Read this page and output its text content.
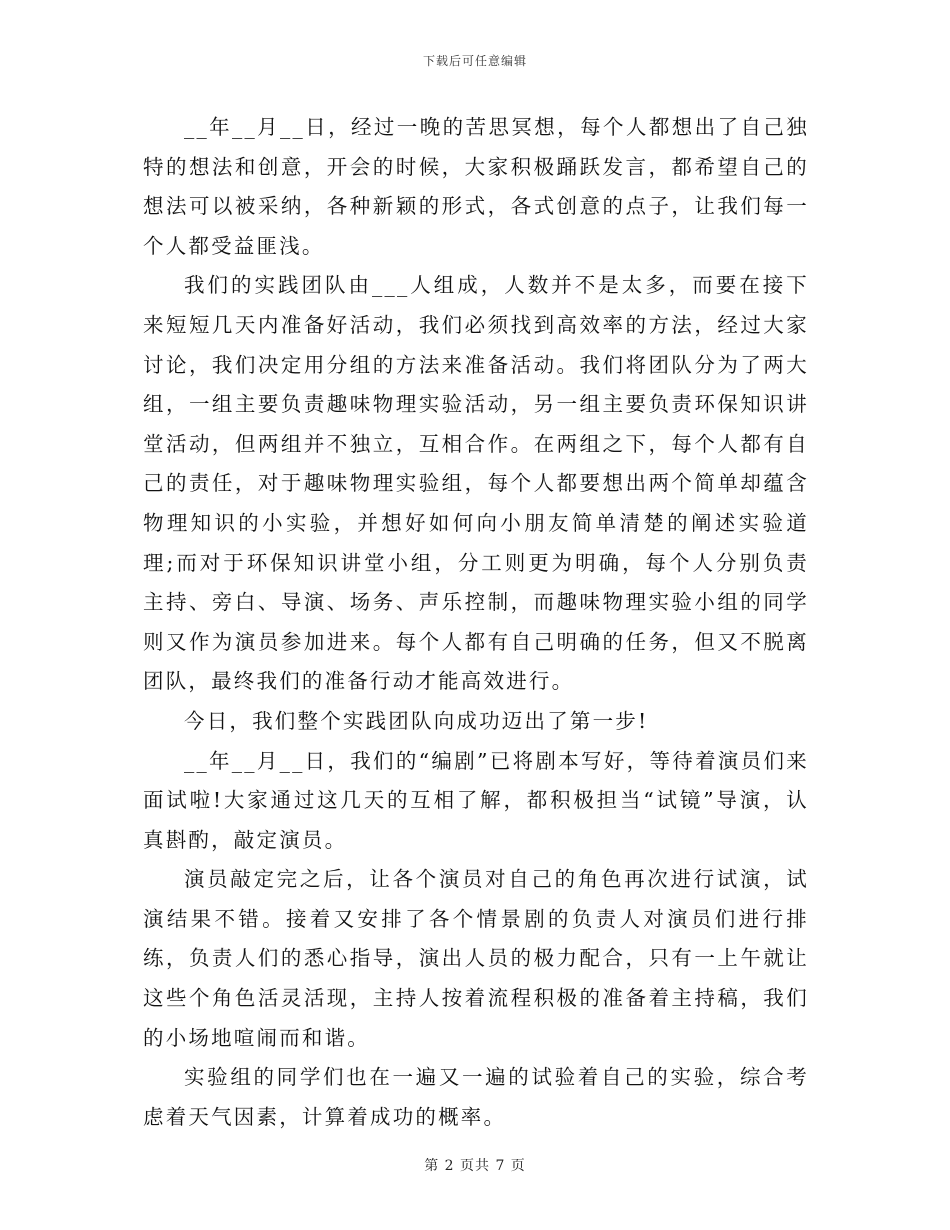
下载后可任意编辑

__年__月__日，经过一晚的苦思冥想，每个人都想出了自己独特的想法和创意，开会的时候，大家积极踊跃发言，都希望自己的想法可以被采纳，各种新颖的形式，各式创意的点子，让我们每一个人都受益匪浅。

我们的实践团队由___人组成，人数并不是太多，而要在接下来短短几天内准备好活动，我们必须找到高效率的方法，经过大家讨论，我们决定用分组的方法来准备活动。我们将团队分为了两大组，一组主要负责趣味物理实验活动，另一组主要负责环保知识讲堂活动，但两组并不独立，互相合作。在两组之下，每个人都有自己的责任，对于趣味物理实验组，每个人都要想出两个简单却蕴含物理知识的小实验，并想好如何向小朋友简单清楚的阐述实验道理;而对于环保知识讲堂小组，分工则更为明确，每个人分别负责主持、旁白、导演、场务、声乐控制，而趣味物理实验小组的同学则又作为演员参加进来。每个人都有自己明确的任务，但又不脱离团队，最终我们的准备行动才能高效进行。

今日，我们整个实践团队向成功迈出了第一步!

__年__月__日，我们的“编剧”已将剧本写好，等待着演员们来面试啦!大家通过这几天的互相了解，都积极担当“试镜”导演，认真斟酌，敲定演员。

演员敲定完之后，让各个演员对自己的角色再次进行试演，试演结果不错。接着又安排了各个情景剧的负责人对演员们进行排练，负责人们的悉心指导，演出人员的极力配合，只有一上午就让这些个角色活灵活现，主持人按着流程积极的准备着主持稿，我们的小场地喧闹而和谐。

实验组的同学们也在一遍又一遍的试验着自己的实验，综合考虑着天气因素，计算着成功的概率。

第 2 页共 7 页
